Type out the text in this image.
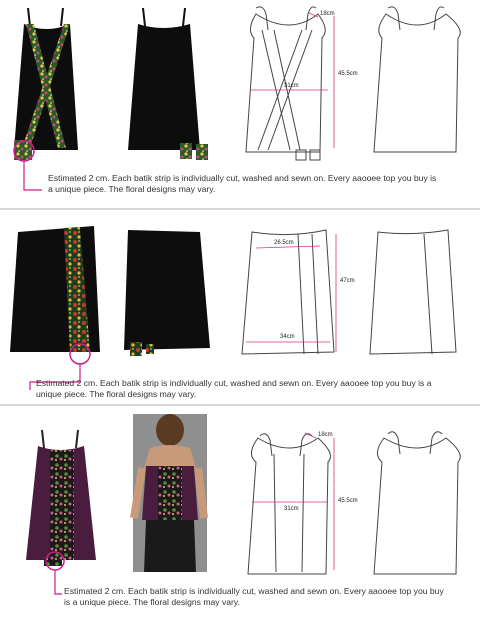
18cm
31cm
45.5cm
Estimated 2 cm. Each batik strip is individually cut, washed and sewn on. Every aaooee top you buy is a unique piece. The floral designs may vary.
26.5cm
34cm
47cm
Estimated 2 cm. Each batik strip is individually cut, washed and sewn on. Every aaooee top you buy is a unique piece. The floral designs may vary.
18cm
31cm
45.5cm
Estimated 2 cm. Each batik strip is individually cut, washed and sewn on. Every aaooee top you buy is a unique piece. The floral designs may vary.
